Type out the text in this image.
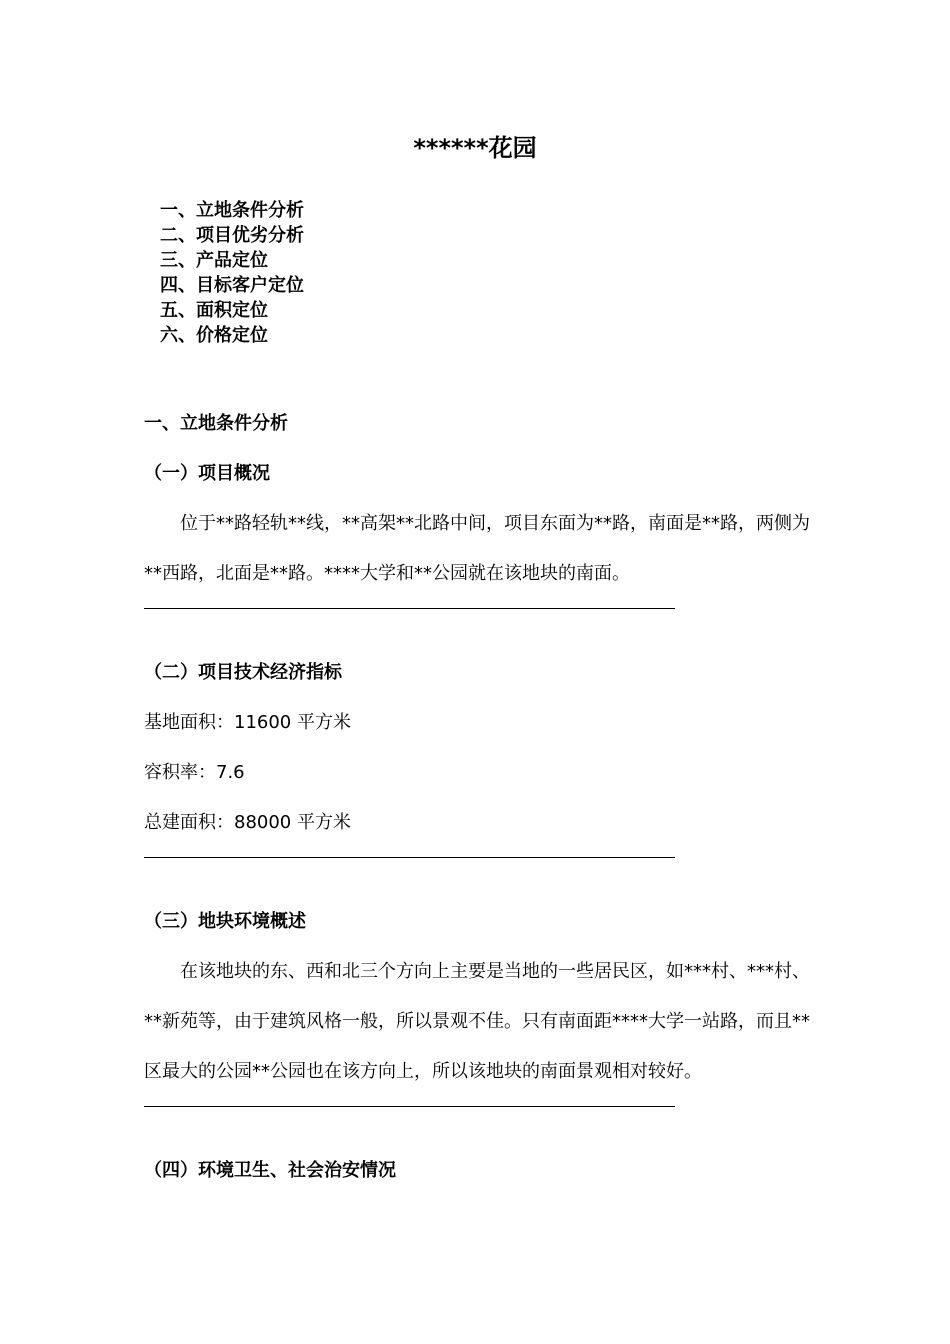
******花园
一、立地条件分析
二、项目优劣分析
三、产品定位
四、目标客户定位
五、面积定位
六、价格定位
一、立地条件分析
（一）项目概况

位于**路轻轨**线，**高架**北路中间，项目东面为**路，南面是**路，两侧为**西路，北面是**路。****大学和**公园就在该地块的南面。

（二）项目技术经济指标
基地面积：11600 平方米
容积率：7.6
总建面积：88000 平方米
（三）地块环境概述

在该地块的东、西和北三个方向上主要是当地的一些居民区，如***村、***村、**新苑等，由于建筑风格一般，所以景观不佳。只有南面距****大学一站路，而且**区最大的公园**公园也在该方向上，所以该地块的南面景观相对较好。

（四）环境卫生、社会治安情况
